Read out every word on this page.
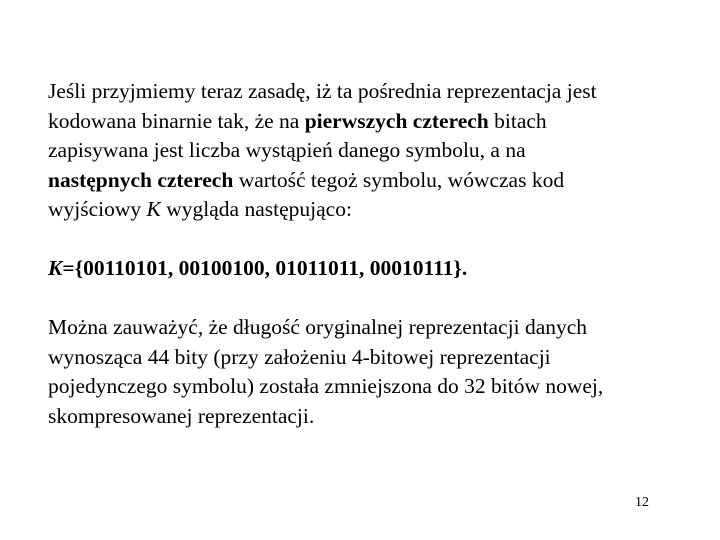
Jeśli przyjmiemy teraz zasadę, iż ta pośrednia reprezentacja jest
kodowana binarnie tak, że na pierwszych czterech bitach
zapisywana jest liczba wystąpień danego symbolu, a na
następnych czterech wartość tegoż symbolu, wówczas kod
wyjściowy K wygląda następująco:

K={00110101, 00100100, 01011011, 00010111}.

Można zauważyć, że długość oryginalnej reprezentacji danych
wynosząca 44 bity (przy założeniu 4-bitowej reprezentacji
pojedynczego symbolu) została zmniejszona do 32 bitów nowej,
skompresowanej reprezentacji.

12
